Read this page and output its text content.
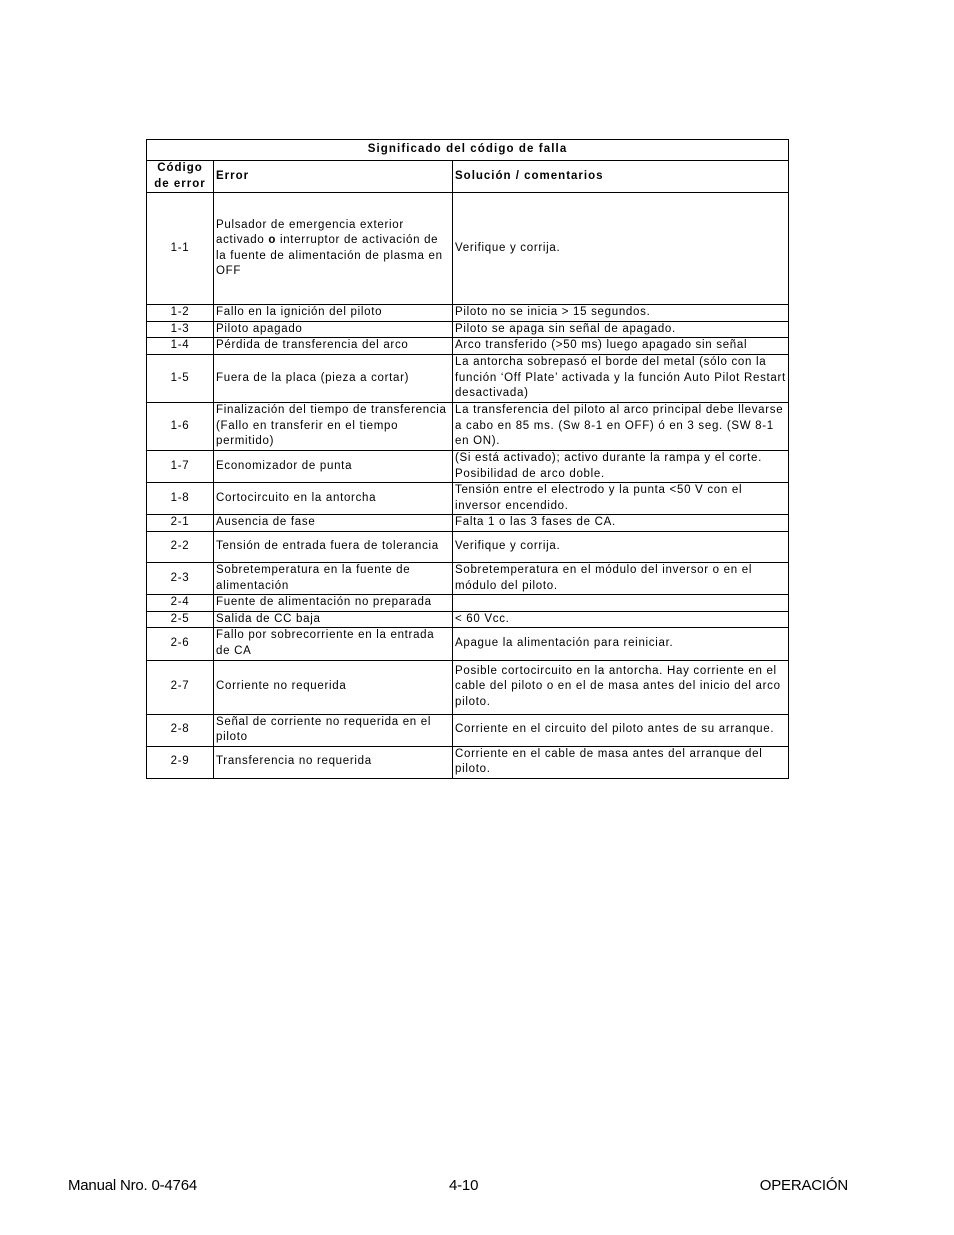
Significado del código de falla		
Código
de error	Error	Solución / comentarios
1-1	Pulsador de emergencia exterior activado o interruptor de activación de la fuente de alimentación de plasma en OFF	Verifique y corrija.
1-2	Fallo en la ignición del piloto	Piloto no se inicia > 15 segundos.
1-3	Piloto apagado	Piloto se apaga sin señal de apagado.
1-4	Pérdida de transferencia del arco	Arco transferido (>50 ms) luego apagado sin señal
1-5	Fuera de la placa (pieza a cortar)	La antorcha sobrepasó el borde del metal (sólo con la función ‘Off Plate’ activada y la función Auto Pilot Restart desactivada)
1-6	Finalización del tiempo de transferencia (Fallo en transferir en el tiempo permitido)	La transferencia del piloto al arco principal debe llevarse a cabo en 85 ms. (Sw 8-1 en OFF) ó en 3 seg. (SW 8-1 en ON).
1-7	Economizador de punta	(Si está activado); activo durante la rampa y el corte. Posibilidad de arco doble.
1-8	Cortocircuito en la antorcha	Tensión entre el electrodo y la punta <50 V con el inversor encendido.
2-1	Ausencia de fase	Falta 1 o las 3 fases de CA.
2-2	Tensión de entrada fuera de tolerancia	Verifique y corrija.
2-3	Sobretemperatura en la fuente de alimentación	Sobretemperatura en el módulo del inversor o en el módulo del piloto.
2-4	Fuente de alimentación no preparada	
2-5	Salida de CC baja	< 60 Vcc.
2-6	Fallo por sobrecorriente en la entrada de CA	Apague la alimentación para reiniciar.
2-7	Corriente no requerida	Posible cortocircuito en la antorcha. Hay corriente en el cable del piloto o en el de masa antes del inicio del arco piloto.
2-8	Señal de corriente no requerida en el piloto	Corriente en el circuito del piloto antes de su arranque.
2-9	Transferencia no requerida	Corriente en el cable de masa antes del arranque del piloto.
Manual Nro. 0-4764	4-10	OPERACIÓN
